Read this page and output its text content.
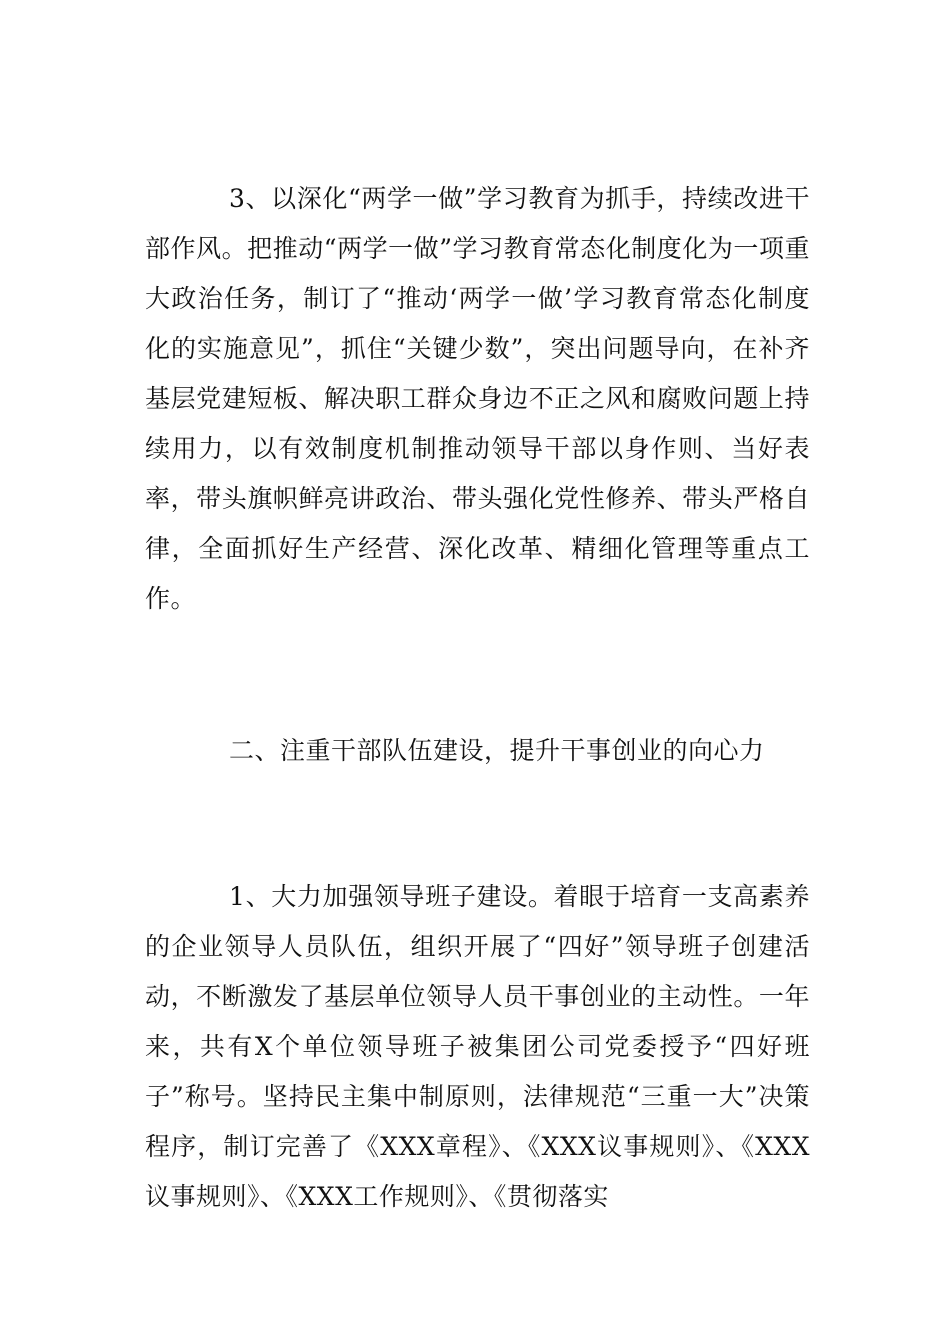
3、以深化“两学一做”学习教育为抓手，持续改进干部作风。把推动“两学一做”学习教育常态化制度化为一项重大政治任务，制订了“推动‘两学一做’学习教育常态化制度化的实施意见”，抓住“关键少数”，突出问题导向，在补齐基层党建短板、解决职工群众身边不正之风和腐败问题上持续用力，以有效制度机制推动领导干部以身作则、当好表率，带头旗帜鲜亮讲政治、带头强化党性修养、带头严格自律，全面抓好生产经营、深化改革、精细化管理等重点工作。

二、注重干部队伍建设，提升干事创业的向心力

1、大力加强领导班子建设。着眼于培育一支高素养的企业领导人员队伍，组织开展了“四好”领导班子创建活动，不断激发了基层单位领导人员干事创业的主动性。一年来，共有X个单位领导班子被集团公司党委授予“四好班子”称号。坚持民主集中制原则，法律规范“三重一大”决策程序，制订完善了《XXX章程》、《XXX议事规则》、《XXX议事规则》、《XXX工作规则》、《贯彻落实
